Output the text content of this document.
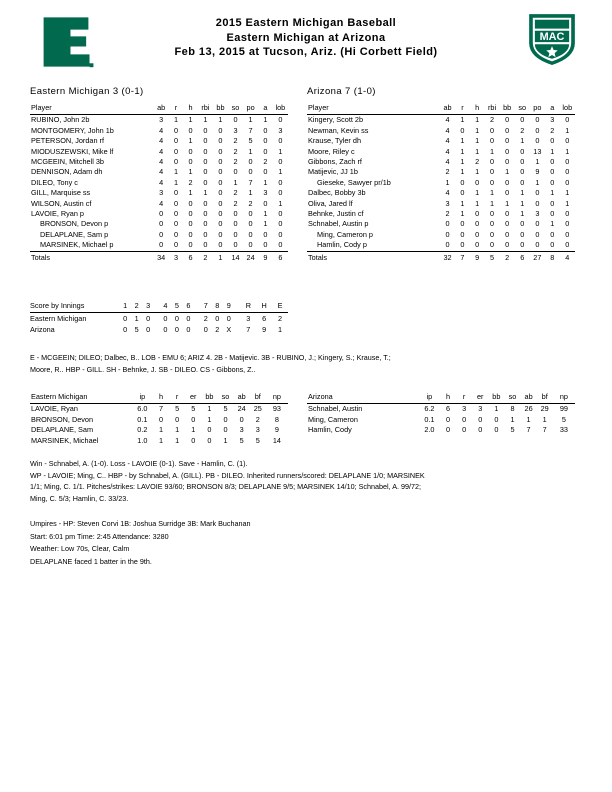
2015 Eastern Michigan Baseball
Eastern Michigan at Arizona
Feb 13, 2015 at Tucson, Ariz. (Hi Corbett Field)
MAC
Eastern Michigan 3 (0-1)
Player	ab	r	h	rbi	bb	so	po	a	lob
RUBINO, John 2b	3	1	1	1	1	0	1	1	0
MONTGOMERY, John 1b	4	0	0	0	0	3	7	0	3
PETERSON, Jordan rf	4	0	1	0	0	2	5	0	0
MIODUSZEWSKI, Mike lf	4	0	0	0	0	2	1	0	1
MCGEEIN, Mitchell 3b	4	0	0	0	0	2	0	2	0
DENNISON, Adam dh	4	1	1	0	0	0	0	0	1
DILEO, Tony c	4	1	2	0	0	1	7	1	0
GILL, Marquise ss	3	0	1	1	0	2	1	3	0
WILSON, Austin cf	4	0	0	0	0	2	2	0	1
LAVOIE, Ryan p	0	0	0	0	0	0	0	1	0
BRONSON, Devon p	0	0	0	0	0	0	0	1	0
DELAPLANE, Sam p	0	0	0	0	0	0	0	0	0
MARSINEK, Michael p	0	0	0	0	0	0	0	0	0
Totals	34	3	6	2	1	14	24	9	6
Arizona 7 (1-0)
Player	ab	r	h	rbi	bb	so	po	a	lob
Kingery, Scott 2b	4	1	1	2	0	0	0	3	0
Newman, Kevin ss	4	0	1	0	0	2	0	2	1
Krause, Tyler dh	4	1	1	0	0	1	0	0	0
Moore, Riley c	4	1	1	1	0	0	13	1	1
Gibbons, Zach rf	4	1	2	0	0	0	1	0	0
Matijevic, JJ 1b	2	1	1	0	1	0	9	0	0
Gieseke, Sawyer pr/1b	1	0	0	0	0	0	1	0	0
Dalbec, Bobby 3b	4	0	1	1	0	1	0	1	1
Oliva, Jared lf	3	1	1	1	1	1	0	0	1
Behnke, Justin cf	2	1	0	0	0	1	3	0	0
Schnabel, Austin p	0	0	0	0	0	0	0	1	0
Ming, Cameron p	0	0	0	0	0	0	0	0	0
Hamlin, Cody p	0	0	0	0	0	0	0	0	0
Totals	32	7	9	5	2	6	27	8	4
Score by Innings	1	2	3		4	5	6		7	8	9		R	H	E
Eastern Michigan	0	1	0		0	0	0		2	0	0		3	6	2
Arizona	0	5	0		0	0	0		0	2	X		7	9	1

E - MCGEEIN; DILEO; Dalbec, B.. LOB - EMU 6; ARIZ 4. 2B - Matijevic. 3B - RUBINO, J.; Kingery, S.; Krause, T.;

Moore, R.. HBP - GILL. SH - Behnke, J. SB - DILEO. CS - Gibbons, Z..

Eastern Michigan	ip	h	r	er	bb	so	ab	bf	np
LAVOIE, Ryan	6.0	7	5	5	1	5	24	25	93
BRONSON, Devon	0.1	0	0	0	1	0	0	2	8
DELAPLANE, Sam	0.2	1	1	1	0	0	3	3	9
MARSINEK, Michael	1.0	1	1	0	0	1	5	5	14
Arizona	ip	h	r	er	bb	so	ab	bf	np
Schnabel, Austin	6.2	6	3	3	1	8	26	29	99
Ming, Cameron	0.1	0	0	0	0	1	1	1	5
Hamlin, Cody	2.0	0	0	0	0	5	7	7	33

Win - Schnabel, A. (1-0). Loss - LAVOIE (0-1). Save - Hamlin, C. (1).

WP - LAVOIE; Ming, C.. HBP - by Schnabel, A. (GILL). PB - DILEO. Inherited runners/scored: DELAPLANE 1/0; MARSINEK

1/1; Ming, C. 1/1. Pitches/strikes: LAVOIE 93/60; BRONSON 8/3; DELAPLANE 9/5; MARSINEK 14/10; Schnabel, A. 99/72;

Ming, C. 5/3; Hamlin, C. 33/23.

Umpires - HP: Steven Corvi 1B: Joshua Surridge 3B: Mark Buchanan

Start: 6:01 pm Time: 2:45 Attendance: 3280

Weather: Low 70s, Clear, Calm

DELAPLANE faced 1 batter in the 9th.
